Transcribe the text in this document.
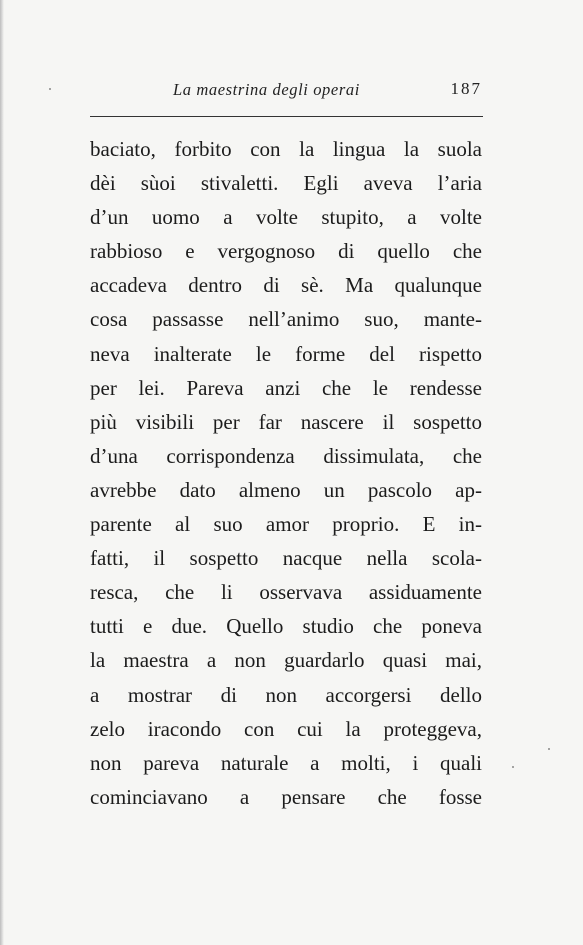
La maestrina degli operai	187
baciato, forbito con la lingua la suola
dèi sùoi stivaletti. Egli aveva l’aria
d’un uomo a volte stupito, a volte
rabbioso e vergognoso di quello che
accadeva dentro di sè. Ma qualunque
cosa passasse nell’animo suo, mante-
neva inalterate le forme del rispetto
per lei. Pareva anzi che le rendesse
più visibili per far nascere il sospetto
d’una corrispondenza dissimulata, che
avrebbe dato almeno un pascolo ap-
parente al suo amor proprio. E in-
fatti, il sospetto nacque nella scola-
resca, che li osservava assiduamente
tutti e due. Quello studio che poneva
la maestra a non guardarlo quasi mai,
a mostrar di non accorgersi dello
zelo iracondo con cui la proteggeva,
non pareva naturale a molti, i quali
cominciavano a pensare che fosse
